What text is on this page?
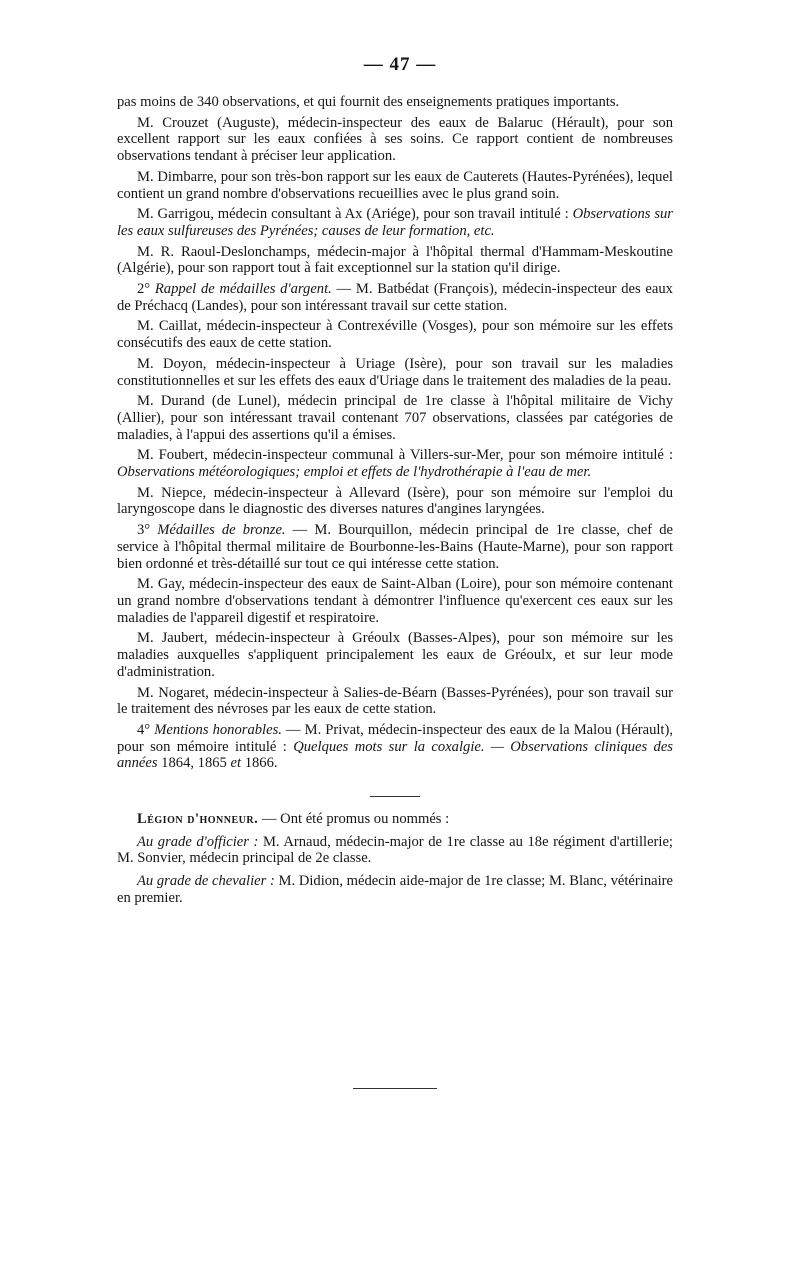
— 47 —

pas moins de 340 observations, et qui fournit des enseignements pratiques importants.

M. Crouzet (Auguste), médecin-inspecteur des eaux de Balaruc (Hérault), pour son excellent rapport sur les eaux confiées à ses soins. Ce rapport contient de nombreuses observations tendant à préciser leur application.

M. Dimbarre, pour son très-bon rapport sur les eaux de Cauterets (Hautes-Pyrénées), lequel contient un grand nombre d'observations recueillies avec le plus grand soin.

M. Garrigou, médecin consultant à Ax (Ariége), pour son travail intitulé : Observations sur les eaux sulfureuses des Pyrénées; causes de leur formation, etc.

M. R. Raoul-Deslonchamps, médecin-major à l'hôpital thermal d'Hammam-Meskoutine (Algérie), pour son rapport tout à fait exceptionnel sur la station qu'il dirige.

2° Rappel de médailles d'argent. — M. Batbédat (François), médecin-inspecteur des eaux de Préchacq (Landes), pour son intéressant travail sur cette station.

M. Caillat, médecin-inspecteur à Contrexéville (Vosges), pour son mémoire sur les effets consécutifs des eaux de cette station.

M. Doyon, médecin-inspecteur à Uriage (Isère), pour son travail sur les maladies constitutionnelles et sur les effets des eaux d'Uriage dans le traitement des maladies de la peau.

M. Durand (de Lunel), médecin principal de 1re classe à l'hôpital militaire de Vichy (Allier), pour son intéressant travail contenant 707 observations, classées par catégories de maladies, à l'appui des assertions qu'il a émises.

M. Foubert, médecin-inspecteur communal à Villers-sur-Mer, pour son mémoire intitulé : Observations météorologiques; emploi et effets de l'hydrothérapie à l'eau de mer.

M. Niepce, médecin-inspecteur à Allevard (Isère), pour son mémoire sur l'emploi du laryngoscope dans le diagnostic des diverses natures d'angines laryngées.

3° Médailles de bronze. — M. Bourquillon, médecin principal de 1re classe, chef de service à l'hôpital thermal militaire de Bourbonne-les-Bains (Haute-Marne), pour son rapport bien ordonné et très-détaillé sur tout ce qui intéresse cette station.

M. Gay, médecin-inspecteur des eaux de Saint-Alban (Loire), pour son mémoire contenant un grand nombre d'observations tendant à démontrer l'influence qu'exercent ces eaux sur les maladies de l'appareil digestif et respiratoire.

M. Jaubert, médecin-inspecteur à Gréoulx (Basses-Alpes), pour son mémoire sur les maladies auxquelles s'appliquent principalement les eaux de Gréoulx, et sur leur mode d'administration.

M. Nogaret, médecin-inspecteur à Salies-de-Béarn (Basses-Pyrénées), pour son travail sur le traitement des névroses par les eaux de cette station.

4° Mentions honorables. — M. Privat, médecin-inspecteur des eaux de la Malou (Hérault), pour son mémoire intitulé : Quelques mots sur la coxalgie. — Observations cliniques des années 1864, 1865 et 1866.

Légion d'honneur. — Ont été promus ou nommés :

Au grade d'officier : M. Arnaud, médecin-major de 1re classe au 18e régiment d'artillerie; M. Sonvier, médecin principal de 2e classe.

Au grade de chevalier : M. Didion, médecin aide-major de 1re classe; M. Blanc, vétérinaire en premier.
